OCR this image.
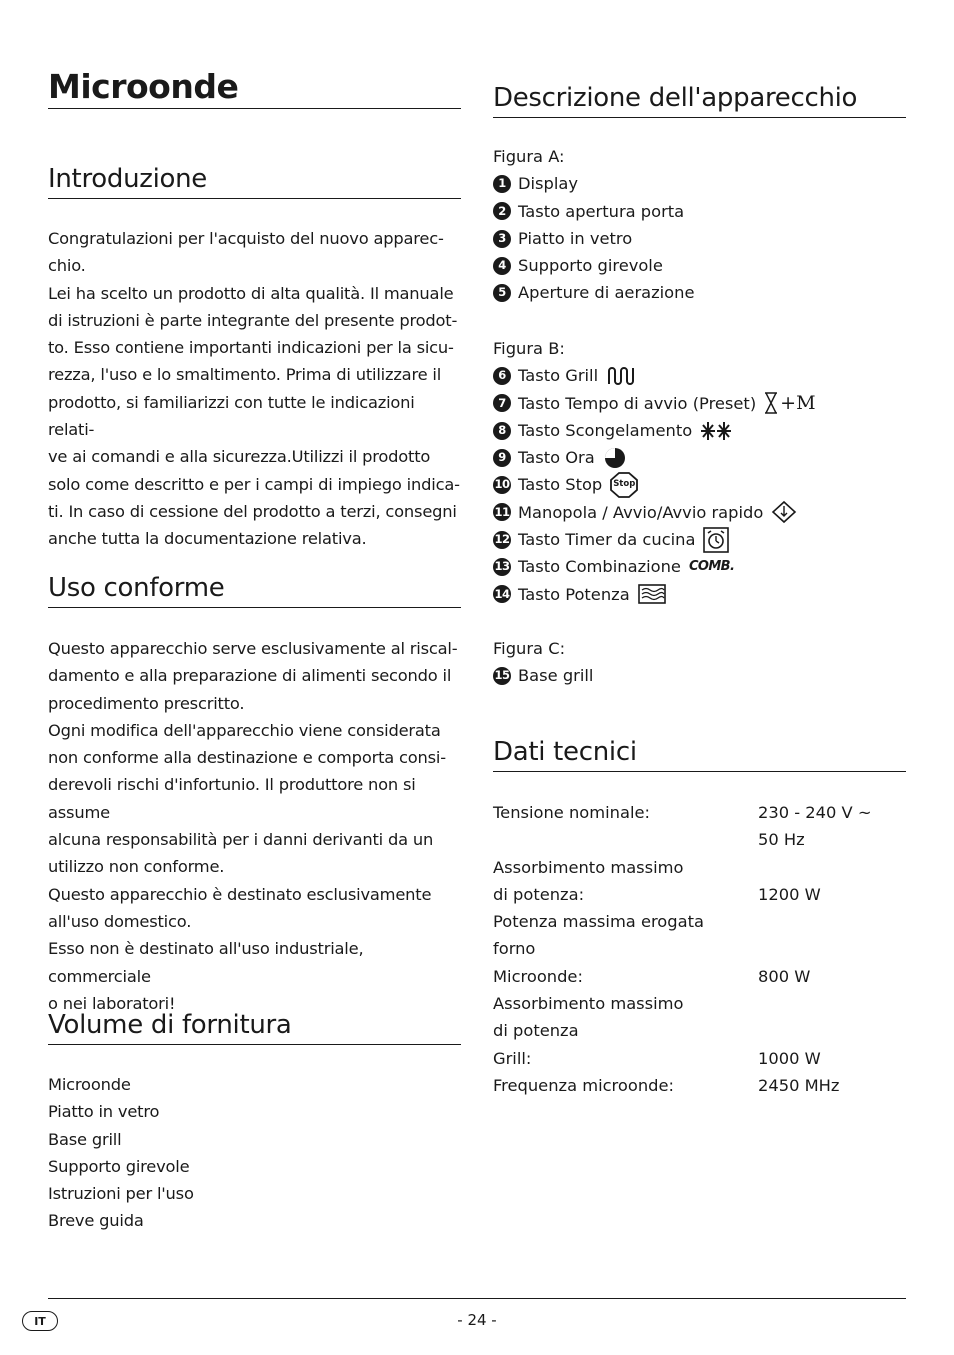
Microonde
Introduzione

Congratulazioni per l'acquisto del nuovo apparec-

chio.

Lei ha scelto un prodotto di alta qualità. Il manuale

di istruzioni è parte integrante del presente prodot-

to. Esso contiene importanti indicazioni per la sicu-

rezza, l'uso e lo smaltimento. Prima di utilizzare il

prodotto, si familiarizzi con tutte le indicazioni relati-

ve ai comandi e alla sicurezza.Utilizzi il prodotto

solo come descritto e per i campi di impiego indica-

ti. In caso di cessione del prodotto a terzi, consegni

anche tutta la documentazione relativa.

Uso conforme

Questo apparecchio serve esclusivamente al riscal-

damento e alla preparazione di alimenti secondo il

procedimento prescritto.

Ogni modifica dell'apparecchio viene considerata

non conforme alla destinazione e comporta consi-

derevoli rischi d'infortunio. Il produttore non si assume

alcuna responsabilità per i danni derivanti da un

utilizzo non conforme.

Questo apparecchio è destinato esclusivamente

all'uso domestico.

Esso non è destinato all'uso industriale, commerciale

o nei laboratori!

Volume di fornitura

Microonde

Piatto in vetro

Base grill

Supporto girevole

Istruzioni per l'uso

Breve guida

Descrizione dell'apparecchio
Figura A:
1 Display
2 Tasto apertura porta
3 Piatto in vetro
4 Supporto girevole
5 Aperture di aerazione
Figura B:
6 Tasto Grill
7 Tasto Tempo di avvio (Preset) +M
8 Tasto Scongelamento
9 Tasto Ora
10 Tasto Stop	Stop
11 Manopola / Avvio/Avvio rapido
12 Tasto Timer da cucina
13 Tasto Combinazione COMB.
14 Tasto Potenza
Figura C:
15 Base grill
Dati tecnici
Tensione nominale:	230 - 240 V ~
50 Hz
Assorbimento massimo
di potenza:	1200 W
Potenza massima erogata
forno
Microonde:	800 W
Assorbimento massimo
di potenza
Grill:	1000 W
Frequenza microonde:	2450 MHz
IT	- 24 -
